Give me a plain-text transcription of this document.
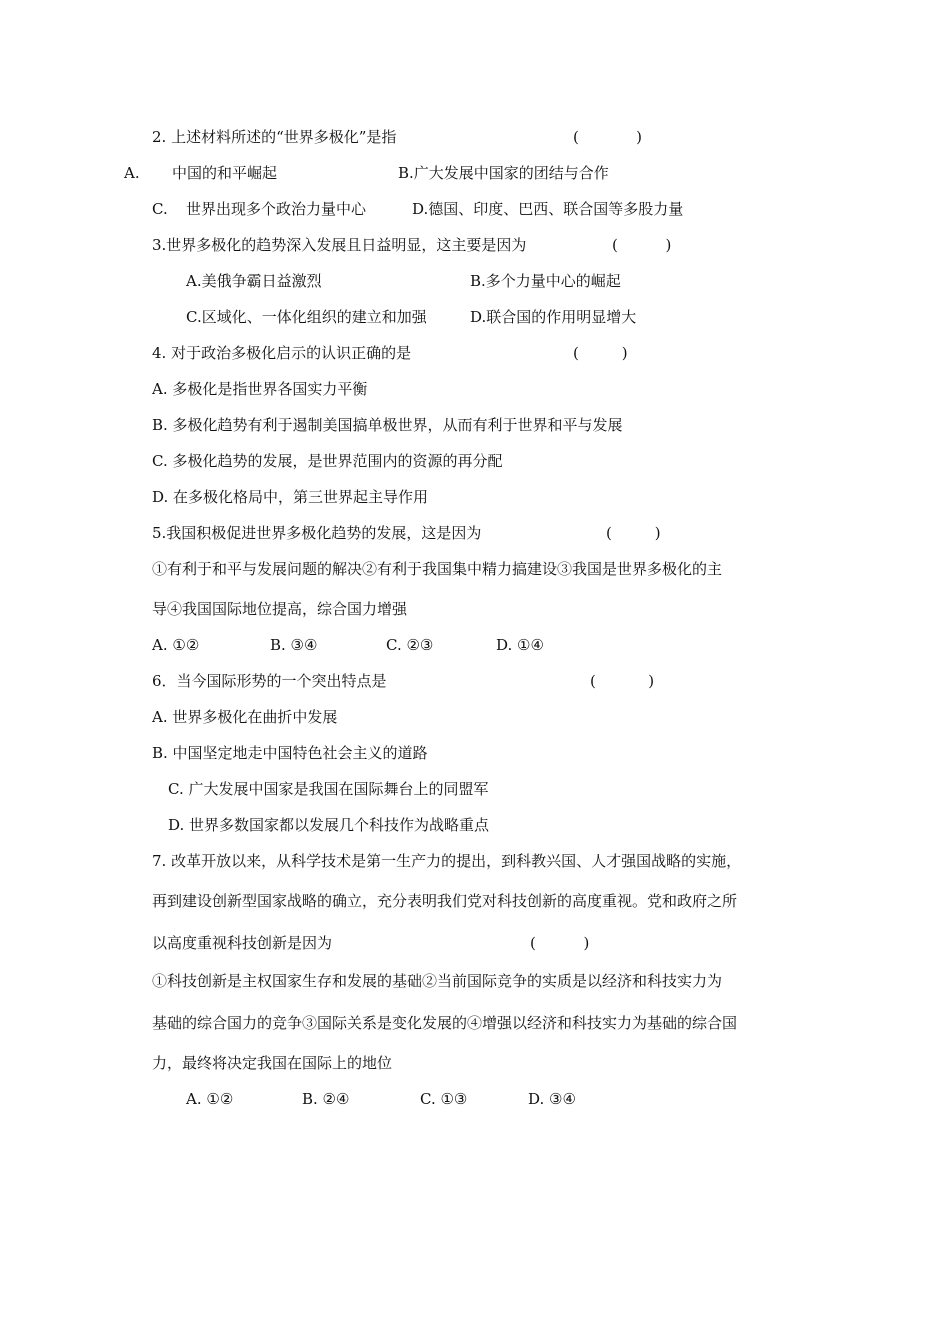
2. 上述材料所述的“世界多极化”是指	(            )
A. 中国的和平崛起	B.广大发展中国家的团结与合作
C. 世界出现多个政治力量中心	D.德国、印度、巴西、联合国等多股力量
3.世界多极化的趋势深入发展且日益明显，这主要是因为	(          )
A.美俄争霸日益激烈	B.多个力量中心的崛起
C.区域化、一体化组织的建立和加强	D.联合国的作用明显增大
4. 对于政治多极化启示的认识正确的是	(         )
A. 多极化是指世界各国实力平衡
B. 多极化趋势有利于遏制美国搞单极世界，从而有利于世界和平与发展
C. 多极化趋势的发展，是世界范围内的资源的再分配
D. 在多极化格局中，第三世界起主导作用
5.我国积极促进世界多极化趋势的发展，这是因为	(         )
①有利于和平与发展问题的解决②有利于我国集中精力搞建设③我国是世界多极化的主
导④我国国际地位提高，综合国力增强
A. ①②	B. ③④	C. ②③	D. ①④
6．当今国际形势的一个突出特点是	(           )
A. 世界多极化在曲折中发展
B. 中国坚定地走中国特色社会主义的道路
C. 广大发展中国家是我国在国际舞台上的同盟军
D. 世界多数国家都以发展几个科技作为战略重点
7. 改革开放以来，从科学技术是第一生产力的提出，到科教兴国、人才强国战略的实施，
再到建设创新型国家战略的确立，充分表明我们党对科技创新的高度重视。党和政府之所
以高度重视科技创新是因为	(          )
①科技创新是主权国家生存和发展的基础②当前国际竞争的实质是以经济和科技实力为
基础的综合国力的竞争③国际关系是变化发展的④增强以经济和科技实力为基础的综合国
力，最终将决定我国在国际上的地位
A. ①②	B. ②④	C. ①③	D. ③④
